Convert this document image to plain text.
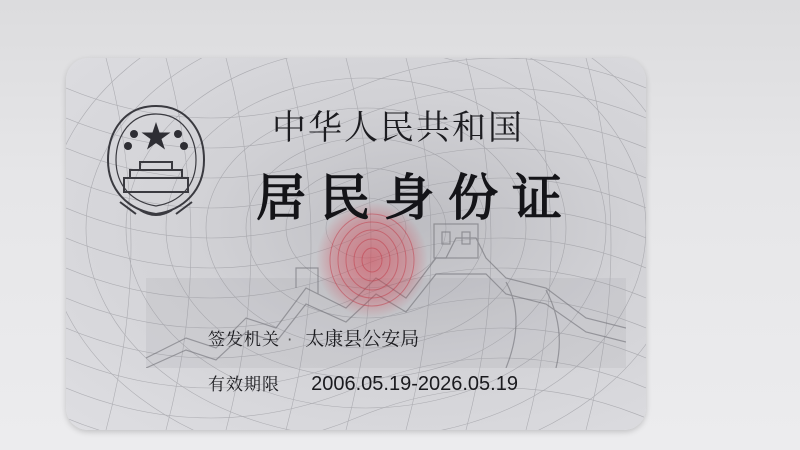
中华人民共和国
居民身份证
签发机关 · 太康县公安局
有效期限 2006.05.19-2026.05.19
